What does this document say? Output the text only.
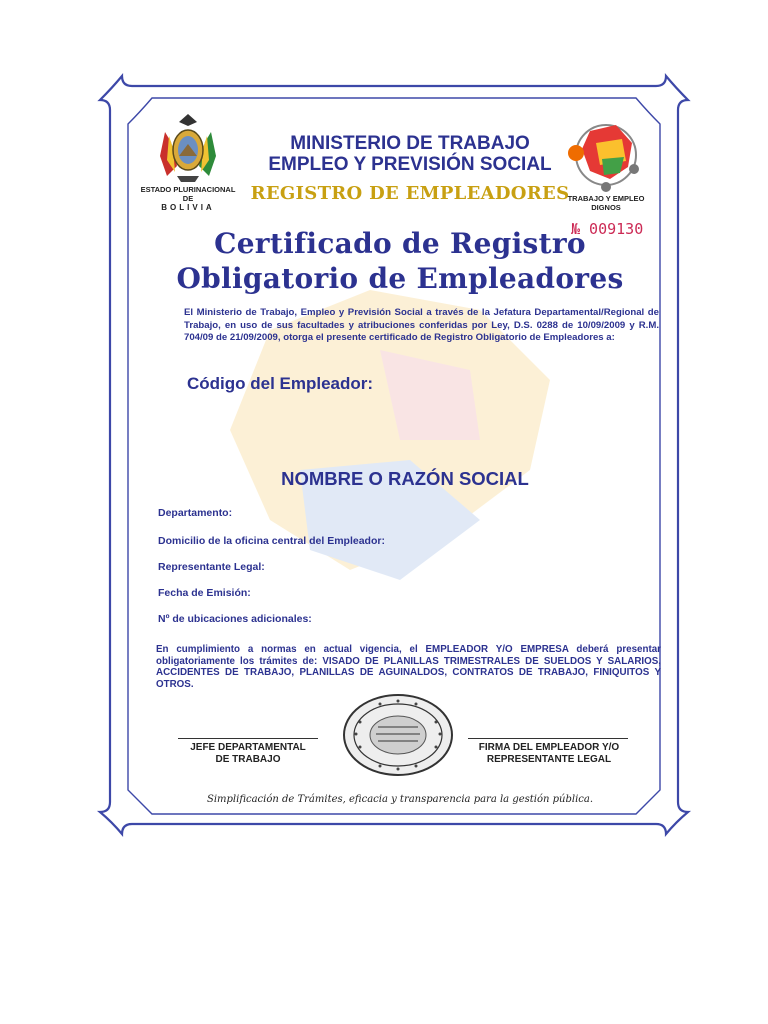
ESTADO PLURINACIONAL
DE
BOLIVIA
MINISTERIO DE TRABAJO
EMPLEO Y PREVISIÓN SOCIAL
REGISTRO DE EMPLEADORES
TRABAJO Y EMPLEO
DIGNOS
№ 009130
Certificado de Registro
Obligatorio de Empleadores
El Ministerio de Trabajo, Empleo y Previsión Social a través de la Jefatura Departamental/Regional de Trabajo, en uso de sus facultades y atribuciones conferidas por Ley, D.S. 0288 de 10/09/2009 y R.M. 704/09 de 21/09/2009, otorga el presente certificado de Registro Obligatorio de Empleadores a:
Código del Empleador:
NOMBRE O RAZÓN SOCIAL
Departamento:
Domicilio de la oficina central del Empleador:
Representante Legal:
Fecha de Emisión:
Nº de ubicaciones adicionales:
En cumplimiento a normas en actual vigencia, el EMPLEADOR Y/O EMPRESA deberá presentar obligatoriamente los trámites de: VISADO DE PLANILLAS TRIMESTRALES DE SUELDOS Y SALARIOS, ACCIDENTES DE TRABAJO, PLANILLAS DE AGUINALDOS, CONTRATOS DE TRABAJO, FINIQUITOS Y OTROS.
JEFE DEPARTAMENTAL
DE TRABAJO
FIRMA DEL EMPLEADOR Y/O
REPRESENTANTE LEGAL
Simplificación de Trámites, eficacia y transparencia para la gestión pública.
